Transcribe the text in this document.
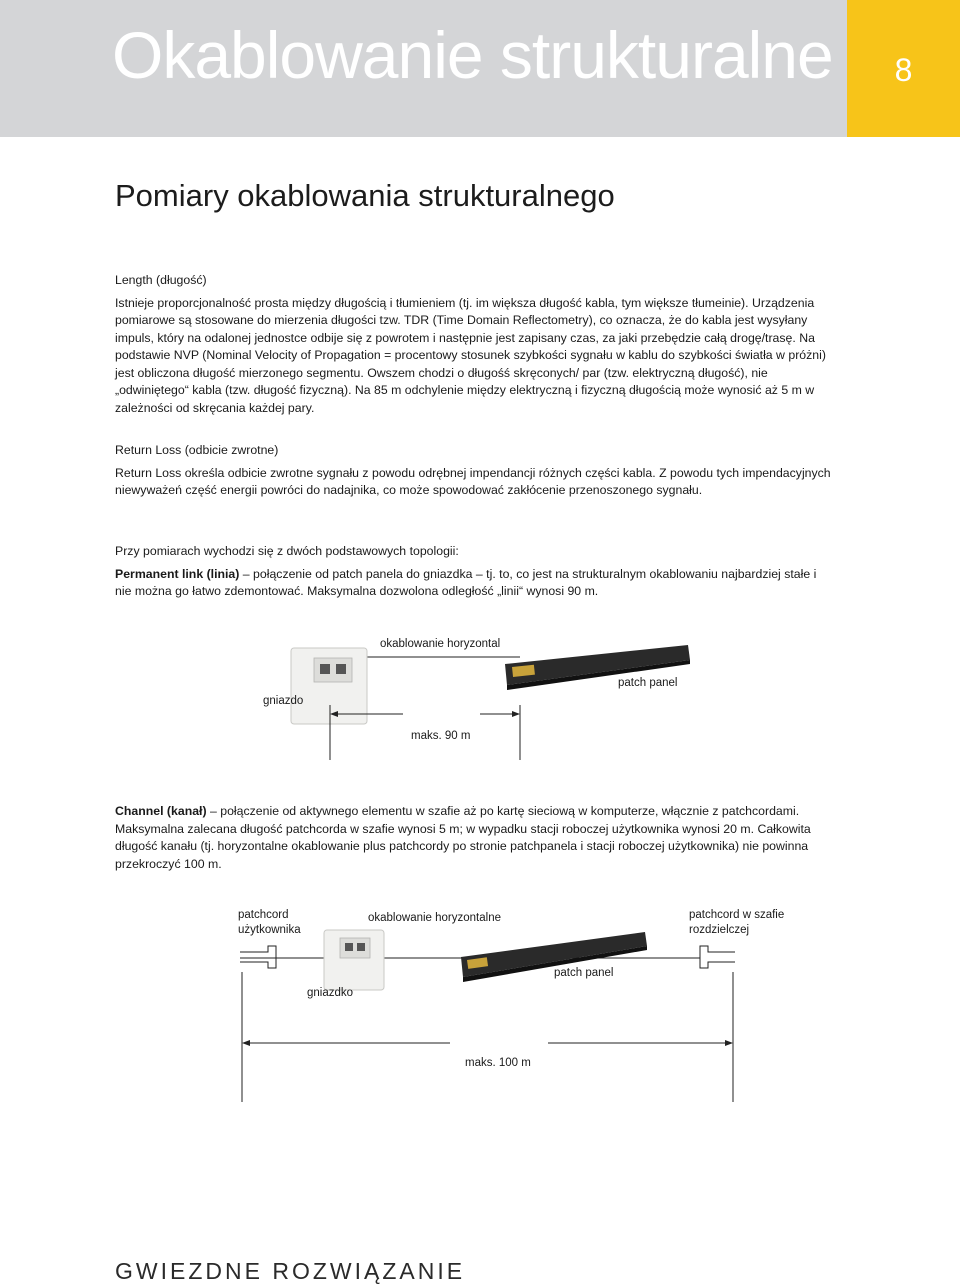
Okablowanie strukturalne	8
Pomiary okablowania strukturalnego
Length (długość)

Istnieje proporcjonalność prosta między długością i tłumieniem (tj. im większa długość kabla, tym większe tłumeinie). Urządzenia pomiarowe są stosowane do mierzenia długości tzw. TDR (Time Domain Reflectometry), co oznacza, że do kabla jest wysyłany impuls, który na odalonej jednostce odbije się z powrotem i następnie jest zapisany czas, za jaki przebędzie całą drogę/trasę. Na podstawie NVP (Nominal Velocity of Propagation = procentowy stosunek szybkości sygnału w kablu do szybkości światła w próżni) jest obliczona długość mierzonego segmentu. Owszem chodzi o długośś skręconych/ par (tzw. elektryczną długość), nie „odwiniętego“ kabla (tzw. długość fizyczną). Na 85 m odchylenie między elektryczną i fizyczną długością może wynosić aż 5 m w zależności od skręcania każdej pary.

Return Loss (odbicie zwrotne)

Return Loss określa odbicie zwrotne sygnału z powodu odrębnej impendancji różnych części kabla. Z powodu tych impendacyjnych niewyważeń część energii powróci do nadajnika, co może spowodować zakłócenie przenoszonego sygnału.

Przy pomiarach wychodzi się z dwóch podstawowych topologii:

Permanent link (linia) – połączenie od patch panela do gniazdka – tj. to, co jest na strukturalnym okablowaniu najbardziej stałe i nie można go łatwo zdemontować. Maksymalna dozwolona odległość „linii“ wynosi 90 m.

Channel (kanał) – połączenie od aktywnego elementu w szafie aż po kartę sieciową w komputerze, włącznie z patchcordami. Maksymalna zalecana długość patchcorda w szafie wynosi 5 m; w wypadku stacji roboczej użytkownika wynosi 20 m. Całkowita długość kanału (tj. horyzontalne okablowanie plus patchcordy po stronie patchpanela i stacji roboczej użytkownika) nie powinna przekroczyć 100 m.

okablowanie horyzontal
gniazdo
patch panel
maks. 90 m
patchcord
użytkownika
okablowanie horyzontalne	patchcord w szafie
rozdzielczej
gniazdko
patch panel
maks. 100 m
GWIEZDNE ROZWIĄZANIE
